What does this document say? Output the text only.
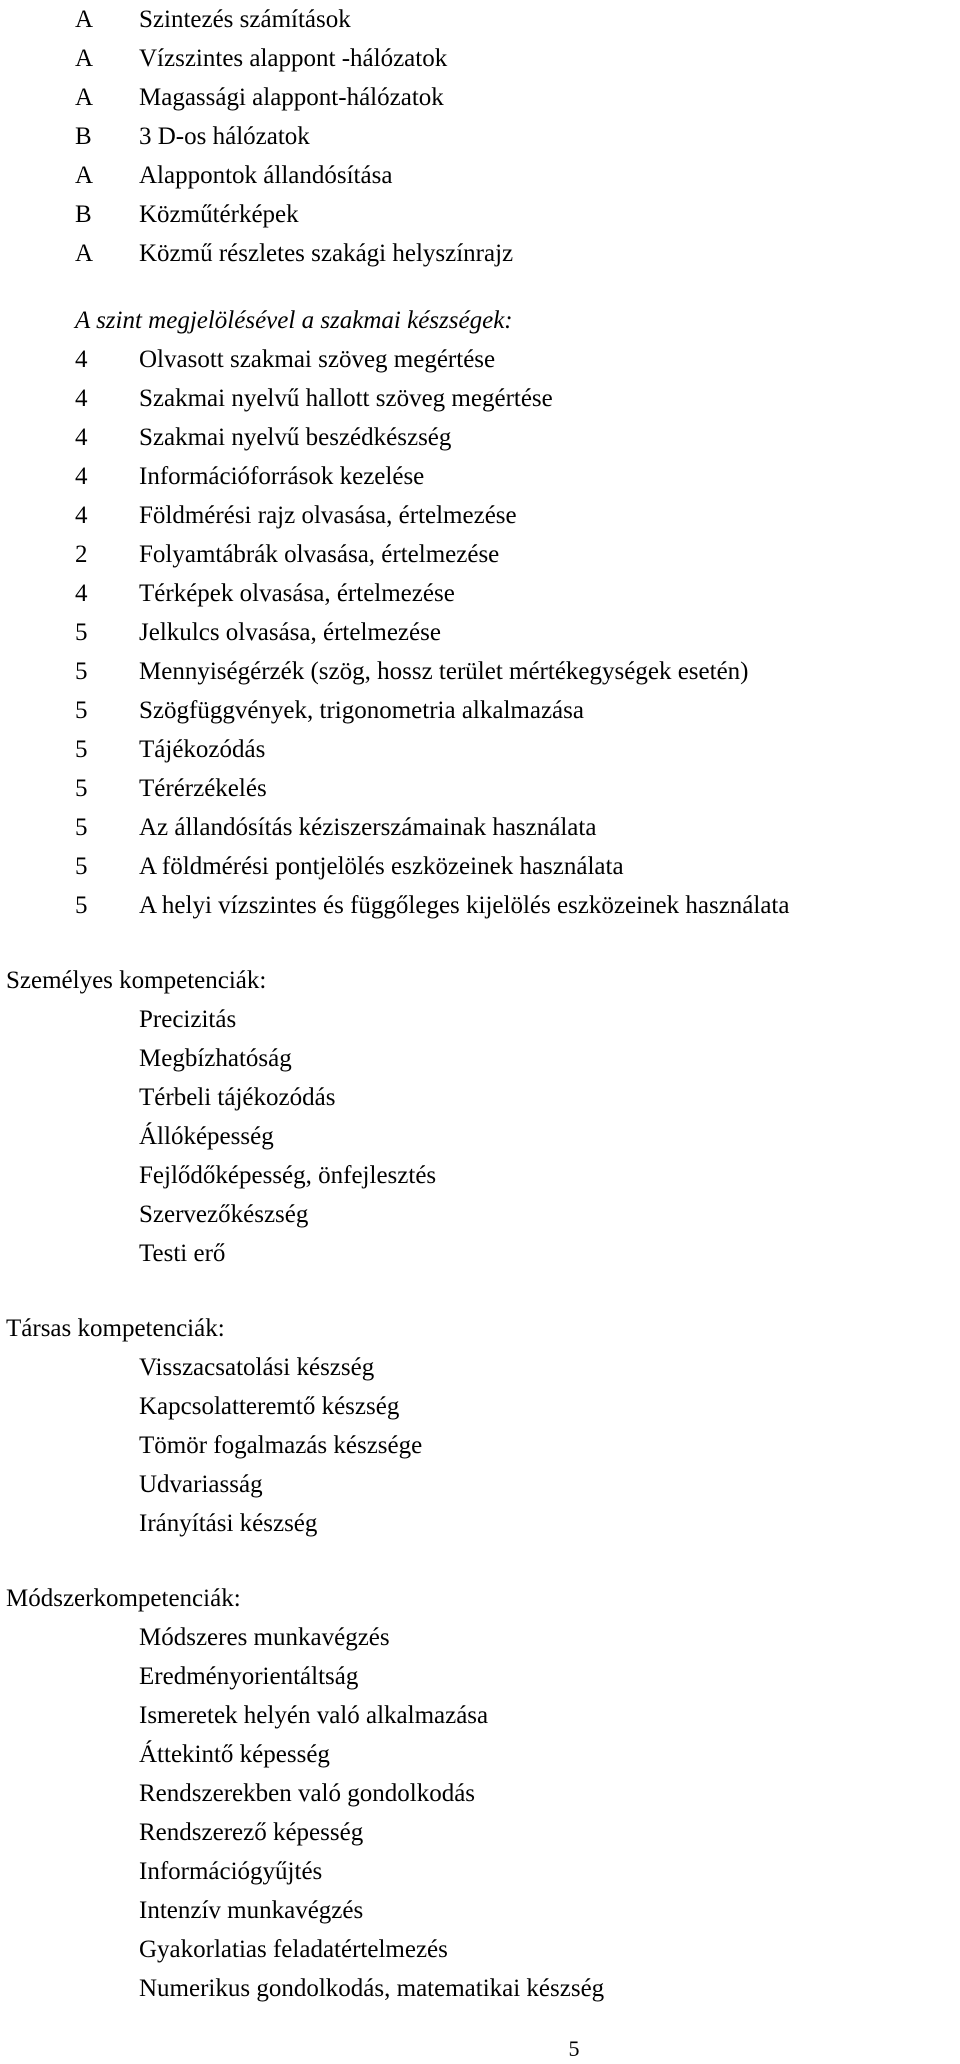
A Szintezés számítások
A Vízszintes alappont -hálózatok
A Magassági alappont-hálózatok
B 3 D-os hálózatok
A Alappontok állandósítása
B Közműtérképek
A Közmű részletes szakági helyszínrajz
A szint megjelölésével a szakmai készségek:
4 Olvasott szakmai szöveg megértése
4 Szakmai nyelvű hallott szöveg megértése
4 Szakmai nyelvű beszédkészség
4 Információforrások kezelése
4 Földmérési rajz olvasása, értelmezése
2 Folyamtábrák olvasása, értelmezése
4 Térképek olvasása, értelmezése
5 Jelkulcs olvasása, értelmezése
5 Mennyiségérzék (szög, hossz terület mértékegységek esetén)
5 Szögfüggvények, trigonometria alkalmazása
5 Tájékozódás
5 Térérzékelés
5 Az állandósítás kéziszerszámainak használata
5 A földmérési pontjelölés eszközeinek használata
5 A helyi vízszintes és függőleges kijelölés eszközeinek használata
Személyes kompetenciák:
Precizitás
Megbízhatóság
Térbeli tájékozódás
Állóképesség
Fejlődőképesség, önfejlesztés
Szervezőkészség
Testi erő
Társas kompetenciák:
Visszacsatolási készség
Kapcsolatteremtő készség
Tömör fogalmazás készsége
Udvariasság
Irányítási készség
Módszerkompetenciák:
Módszeres munkavégzés
Eredményorientáltság
Ismeretek helyén való alkalmazása
Áttekintő képesség
Rendszerekben való gondolkodás
Rendszerező képesség
Információgyűjtés
Intenzív munkavégzés
Gyakorlatias feladatértelmezés
Numerikus gondolkodás, matematikai készség
5
